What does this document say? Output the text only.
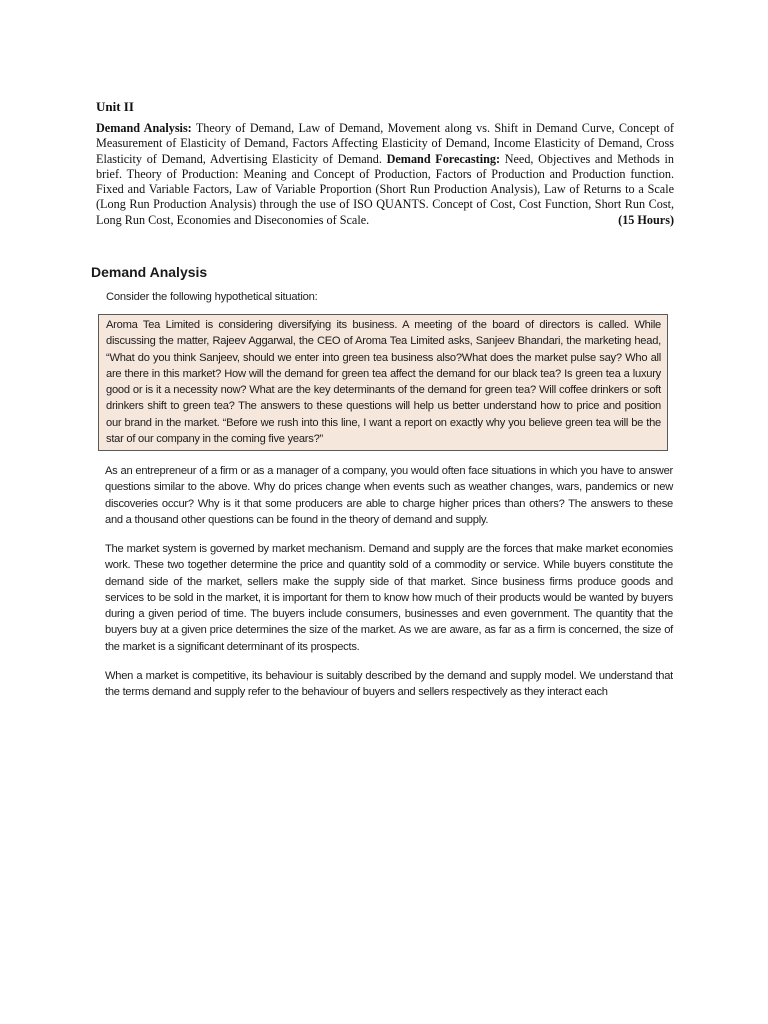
Unit II

Demand Analysis: Theory of Demand, Law of Demand, Movement along vs. Shift in Demand Curve, Concept of Measurement of Elasticity of Demand, Factors Affecting Elasticity of Demand, Income Elasticity of Demand, Cross Elasticity of Demand, Advertising Elasticity of Demand. Demand Forecasting: Need, Objectives and Methods in brief. Theory of Production: Meaning and Concept of Production, Factors of Production and Production function. Fixed and Variable Factors, Law of Variable Proportion (Short Run Production Analysis), Law of Returns to a Scale (Long Run Production Analysis) through the use of ISO QUANTS. Concept of Cost, Cost Function, Short Run Cost, Long Run Cost, Economies and Diseconomies of Scale.	(15 Hours)

Demand Analysis

Consider the following hypothetical situation:

Aroma Tea Limited is considering diversifying its business. A meeting of the board of directors is called. While discussing the matter, Rajeev Aggarwal, the CEO of Aroma Tea Limited asks, Sanjeev Bhandari, the marketing head, “What do you think Sanjeev, should we enter into green tea business also?What does the market pulse say? Who all are there in this market? How will the demand for green tea affect the demand for our black tea? Is green tea a luxury good or is it a necessity now? What are the key determinants of the demand for green tea? Will coffee drinkers or soft drinkers shift to green tea? The answers to these questions will help us better understand how to price and position our brand in the market. “Before we rush into this line, I want a report on exactly why you believe green tea will be the star of our company in the coming five years?”

As an entrepreneur of a firm or as a manager of a company, you would often face situations in which you have to answer questions similar to the above. Why do prices change when events such as weather changes, wars, pandemics or new discoveries occur? Why is it that some producers are able to charge higher prices than others? The answers to these and a thousand other questions can be found in the theory of demand and supply.

The market system is governed by market mechanism. Demand and supply are the forces that make market economies work. These two together determine the price and quantity sold of a commodity or service. While buyers constitute the demand side of the market, sellers make the supply side of that market. Since business firms produce goods and services to be sold in the market, it is important for them to know how much of their products would be wanted by buyers during a given period of time. The buyers include consumers, businesses and even government. The quantity that the buyers buy at a given price determines the size of the market. As we are aware, as far as a firm is concerned, the size of the market is a significant determinant of its prospects.

When a market is competitive, its behaviour is suitably described by the demand and supply model. We understand that the terms demand and supply refer to the behaviour of buyers and sellers respectively as they interact each
